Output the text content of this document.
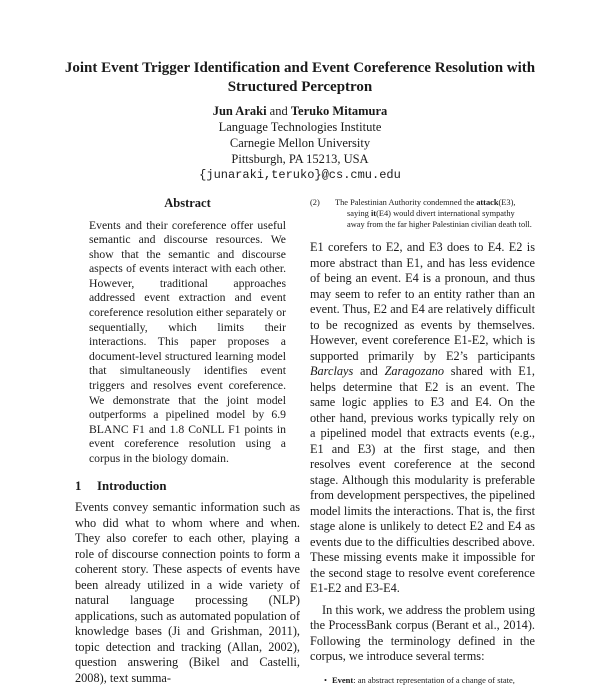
Joint Event Trigger Identification and Event Coreference Resolution with Structured Perceptron
Jun Araki and Teruko Mitamura
Language Technologies Institute
Carnegie Mellon University
Pittsburgh, PA 15213, USA
{junaraki,teruko}@cs.cmu.edu
Abstract

Events and their coreference offer useful semantic and discourse resources. We show that the semantic and discourse aspects of events interact with each other. However, traditional approaches addressed event extraction and event coreference resolution either separately or sequentially, which limits their interactions. This paper proposes a document-level structured learning model that simultaneously identifies event triggers and resolves event coreference. We demonstrate that the joint model outperforms a pipelined model by 6.9 BLANC F1 and 1.8 CoNLL F1 points in event coreference resolution using a corpus in the biology domain.

1 Introduction

Events convey semantic information such as who did what to whom where and when. They also corefer to each other, playing a role of discourse connection points to form a coherent story. These aspects of events have been already utilized in a wide variety of natural language processing (NLP) applications, such as automated population of knowledge bases (Ji and Grishman, 2011), topic detection and tracking (Allan, 2002), question answering (Bikel and Castelli, 2008), text summa-

(2) The Palestinian Authority condemned the attack(E3),
saying it(E4) would divert international sympathy
away from the far higher Palestinian civilian death toll.

E1 corefers to E2, and E3 does to E4. E2 is more abstract than E1, and has less evidence of being an event. E4 is a pronoun, and thus may seem to refer to an entity rather than an event. Thus, E2 and E4 are relatively difficult to be recognized as events by themselves. However, event coreference E1-E2, which is supported primarily by E2’s participants Barclays and Zaragozano shared with E1, helps determine that E2 is an event. The same logic applies to E3 and E4. On the other hand, previous works typically rely on a pipelined model that extracts events (e.g., E1 and E3) at the first stage, and then resolves event coreference at the second stage. Although this modularity is preferable from development perspectives, the pipelined model limits the interactions. That is, the first stage alone is unlikely to detect E2 and E4 as events due to the difficulties described above. These missing events make it impossible for the second stage to resolve event coreference E1-E2 and E3-E4.

In this work, we address the problem using the ProcessBank corpus (Berant et al., 2014). Following the terminology defined in the corpus, we introduce several terms:

• Event: an abstract representation of a change of state,
